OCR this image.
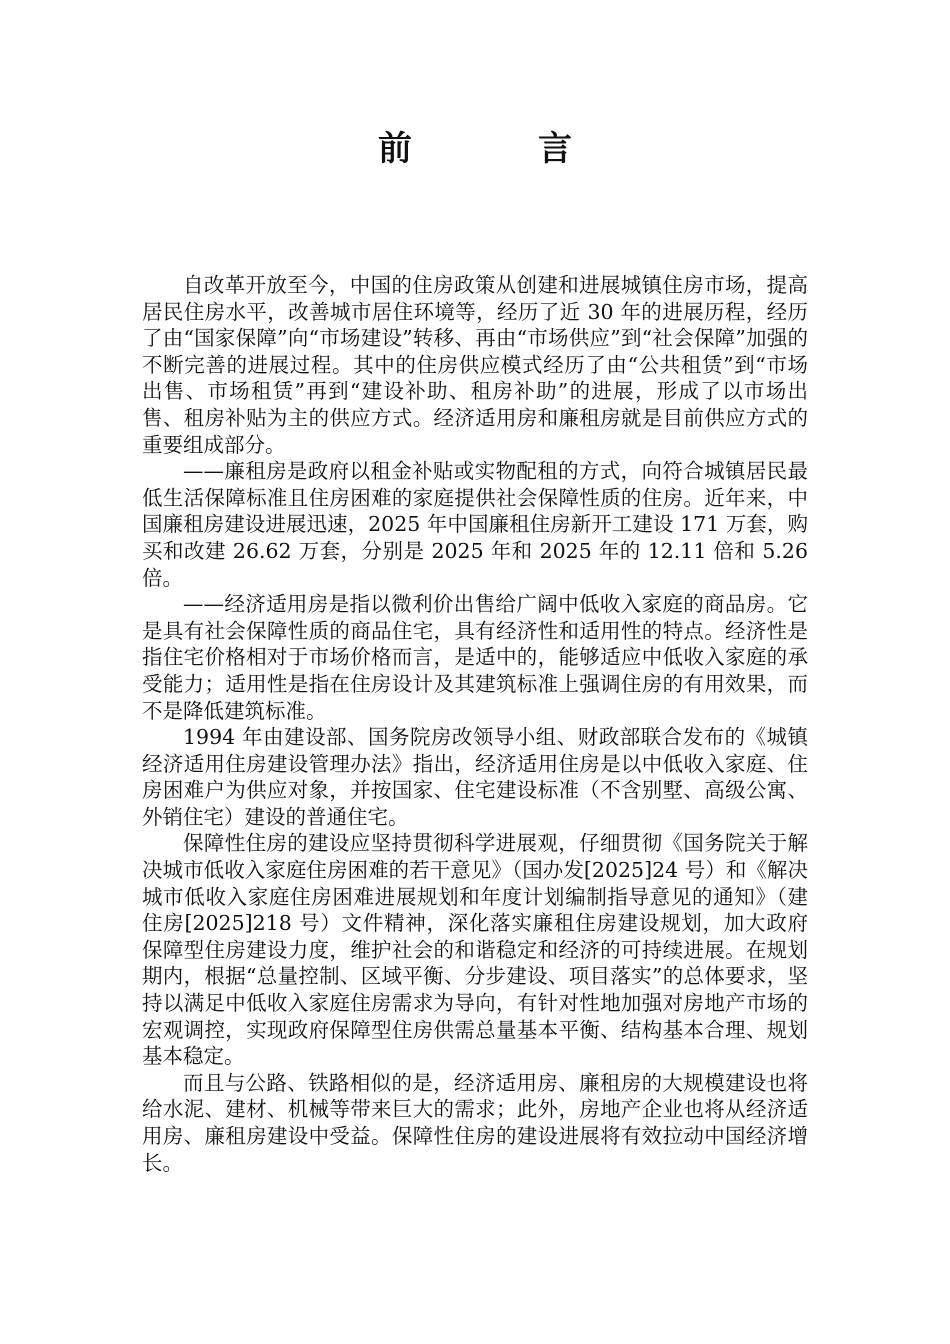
前　言

自改革开放至今，中国的住房政策从创建和进展城镇住房市场，提高居民住房水平，改善城市居住环境等，经历了近 30 年的进展历程，经历了由“国家保障”向“市场建设”转移、再由“市场供应”到“社会保障”加强的不断完善的进展过程。其中的住房供应模式经历了由“公共租赁”到“市场出售、市场租赁”再到“建设补助、租房补助”的进展，形成了以市场出售、租房补贴为主的供应方式。经济适用房和廉租房就是目前供应方式的重要组成部分。

——廉租房是政府以租金补贴或实物配租的方式，向符合城镇居民最低生活保障标准且住房困难的家庭提供社会保障性质的住房。近年来，中国廉租房建设进展迅速，2025 年中国廉租住房新开工建设 171 万套，购买和改建 26.62 万套，分别是 2025 年和 2025 年的 12.11 倍和 5.26 倍。

——经济适用房是指以微利价出售给广阔中低收入家庭的商品房。它是具有社会保障性质的商品住宅，具有经济性和适用性的特点。经济性是指住宅价格相对于市场价格而言，是适中的，能够适应中低收入家庭的承受能力；适用性是指在住房设计及其建筑标准上强调住房的有用效果，而不是降低建筑标准。

1994 年由建设部、国务院房改领导小组、财政部联合发布的《城镇经济适用住房建设管理办法》指出，经济适用住房是以中低收入家庭、住房困难户为供应对象，并按国家、住宅建设标准（不含别墅、高级公寓、外销住宅）建设的普通住宅。

保障性住房的建设应坚持贯彻科学进展观，仔细贯彻《国务院关于解决城市低收入家庭住房困难的若干意见》（国办发[2025]24 号）和《解决城市低收入家庭住房困难进展规划和年度计划编制指导意见的通知》（建住房[2025]218 号）文件精神，深化落实廉租住房建设规划，加大政府保障型住房建设力度，维护社会的和谐稳定和经济的可持续进展。在规划期内，根据“总量控制、区域平衡、分步建设、项目落实”的总体要求，坚持以满足中低收入家庭住房需求为导向，有针对性地加强对房地产市场的宏观调控，实现政府保障型住房供需总量基本平衡、结构基本合理、规划基本稳定。

而且与公路、铁路相似的是，经济适用房、廉租房的大规模建设也将给水泥、建材、机械等带来巨大的需求；此外，房地产企业也将从经济适用房、廉租房建设中受益。保障性住房的建设进展将有效拉动中国经济增长。
